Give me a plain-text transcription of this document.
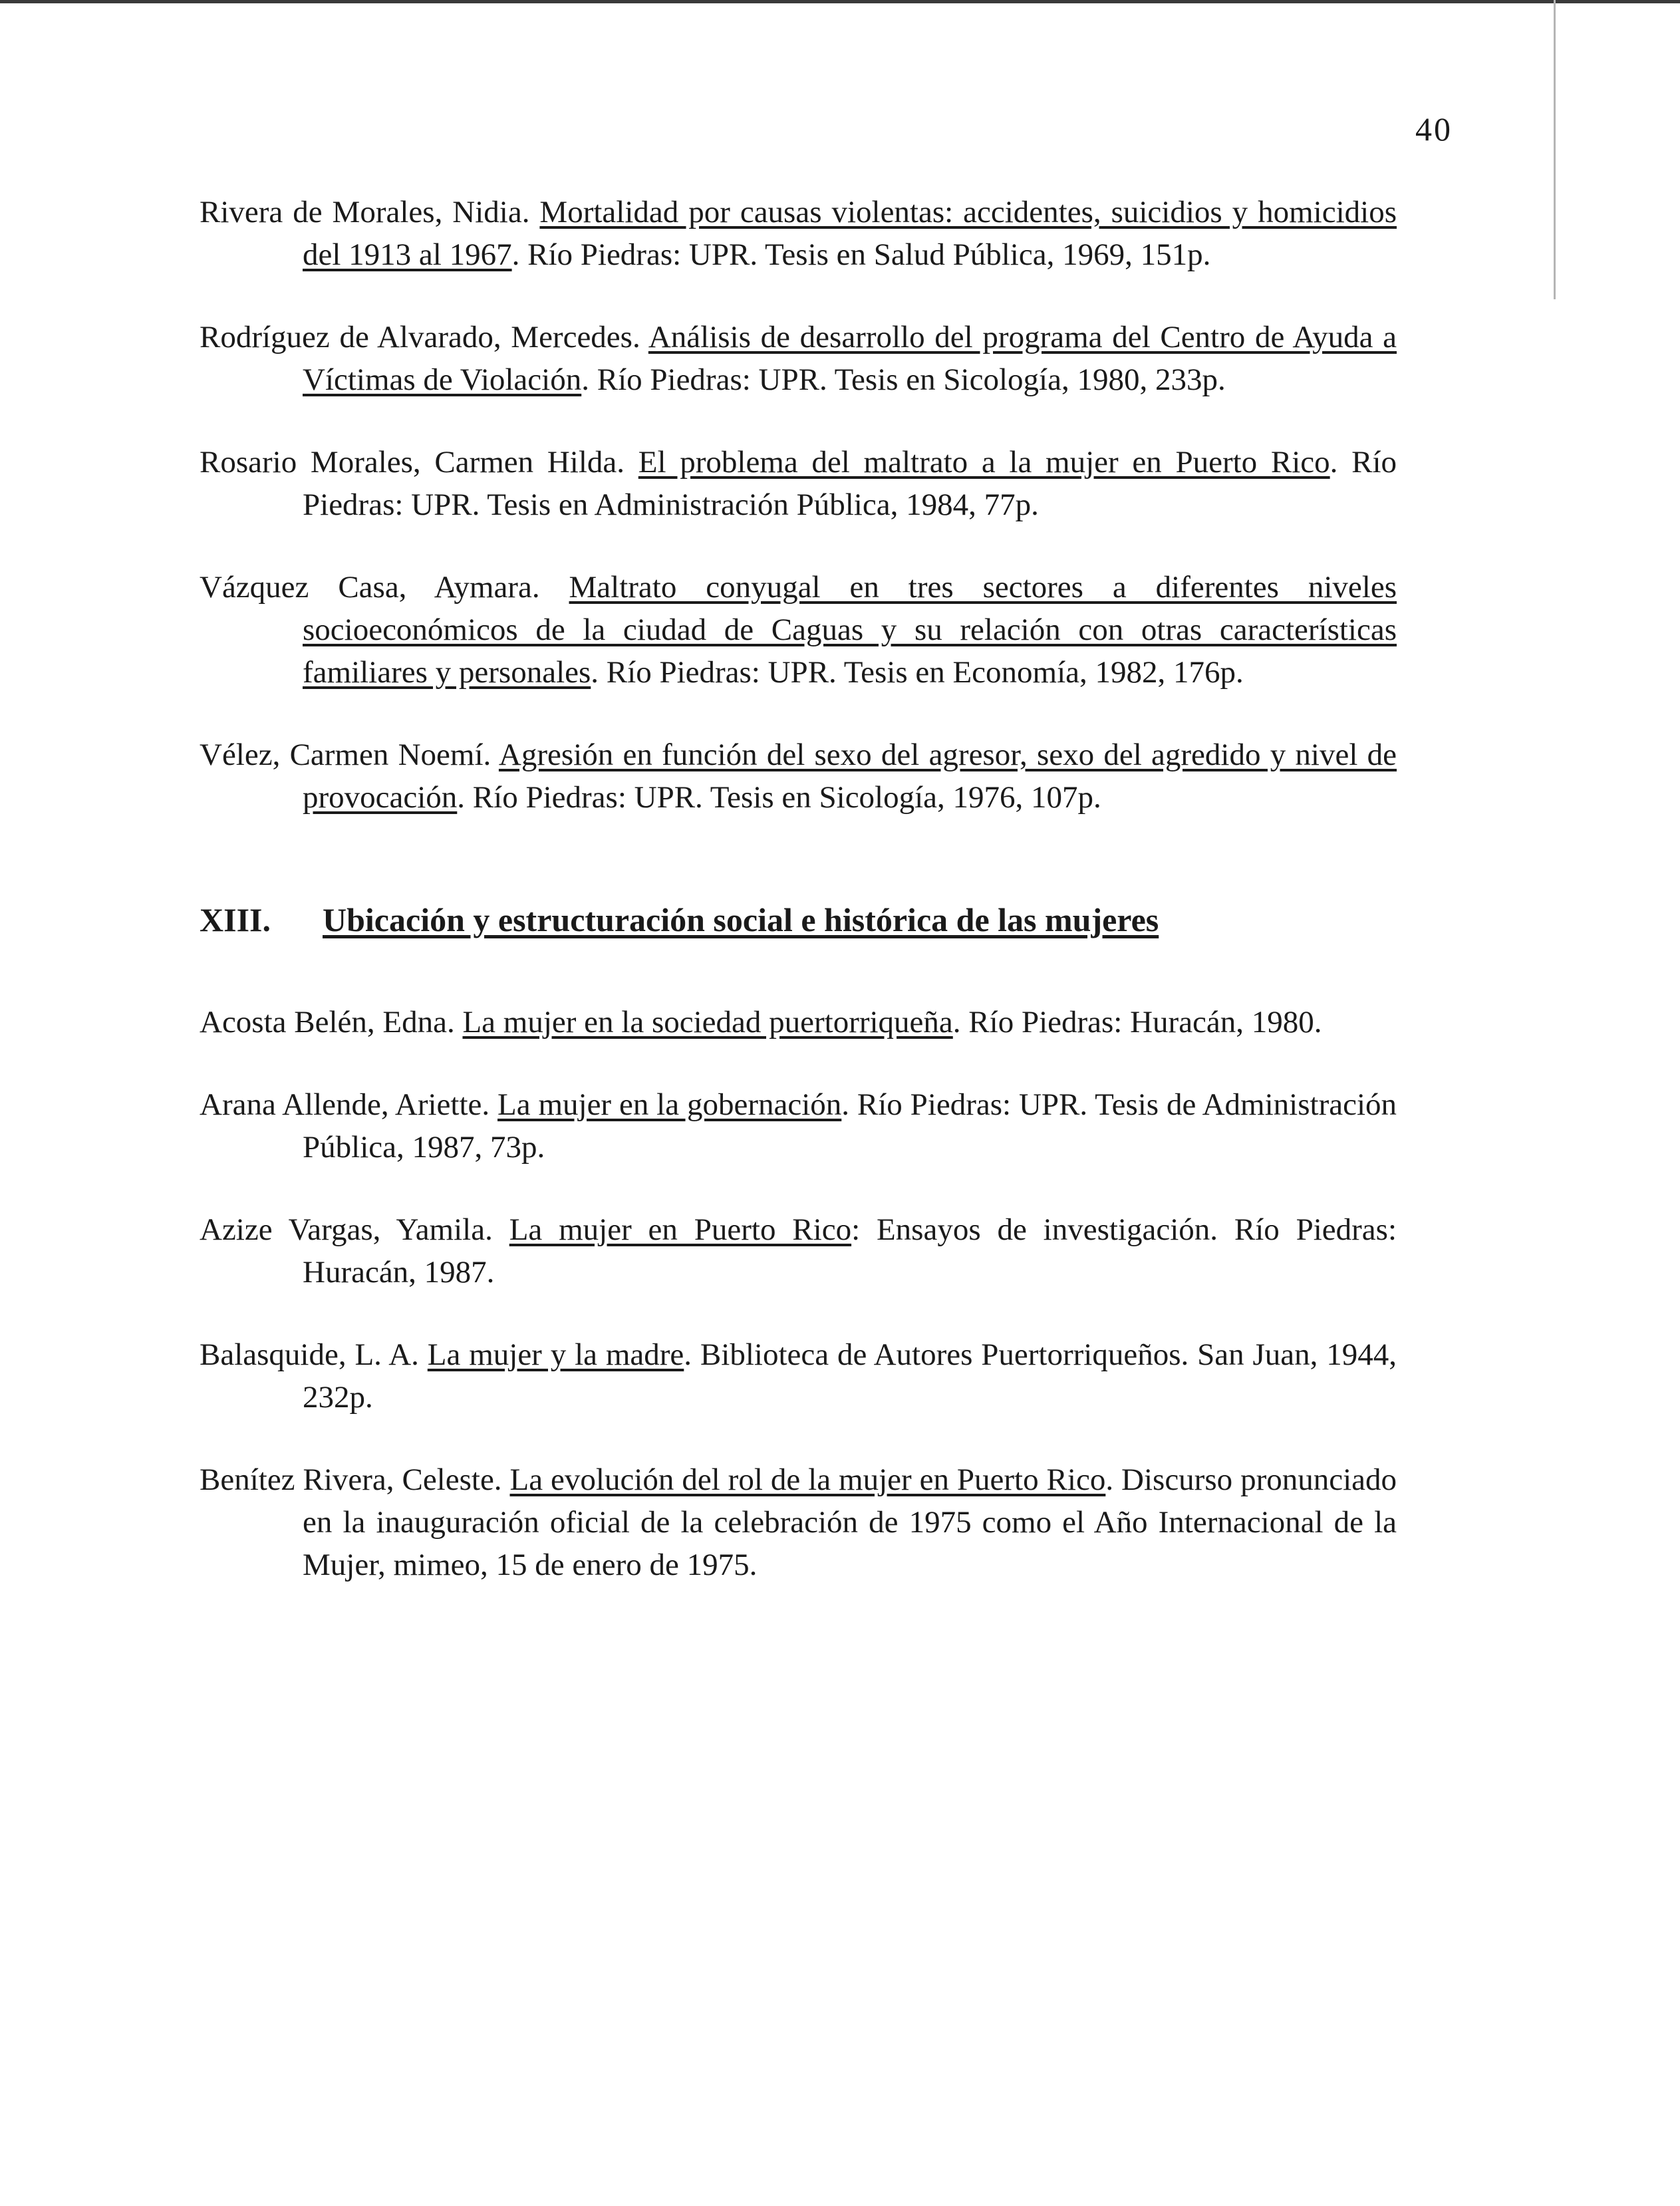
40

Rivera de Morales, Nidia. Mortalidad por causas violentas: accidentes, suicidios y homicidios del 1913 al 1967. Río Piedras: UPR. Tesis en Salud Pública, 1969, 151p.

Rodríguez de Alvarado, Mercedes. Análisis de desarrollo del programa del Centro de Ayuda a Víctimas de Violación. Río Piedras: UPR. Tesis en Sicología, 1980, 233p.

Rosario Morales, Carmen Hilda. El problema del maltrato a la mujer en Puerto Rico. Río Piedras: UPR. Tesis en Administración Pública, 1984, 77p.

Vázquez Casa, Aymara. Maltrato conyugal en tres sectores a diferentes niveles socioeconómicos de la ciudad de Caguas y su relación con otras características familiares y personales. Río Piedras: UPR. Tesis en Economía, 1982, 176p.

Vélez, Carmen Noemí. Agresión en función del sexo del agresor, sexo del agredido y nivel de provocación. Río Piedras: UPR. Tesis en Sicología, 1976, 107p.

XIII. Ubicación y estructuración social e histórica de las mujeres

Acosta Belén, Edna. La mujer en la sociedad puertorriqueña. Río Piedras: Huracán, 1980.

Arana Allende, Ariette. La mujer en la gobernación. Río Piedras: UPR. Tesis de Administración Pública, 1987, 73p.

Azize Vargas, Yamila. La mujer en Puerto Rico: Ensayos de investigación. Río Piedras: Huracán, 1987.

Balasquide, L. A. La mujer y la madre. Biblioteca de Autores Puertorriqueños. San Juan, 1944, 232p.

Benítez Rivera, Celeste. La evolución del rol de la mujer en Puerto Rico. Discurso pronunciado en la inauguración oficial de la celebración de 1975 como el Año Internacional de la Mujer, mimeo, 15 de enero de 1975.
